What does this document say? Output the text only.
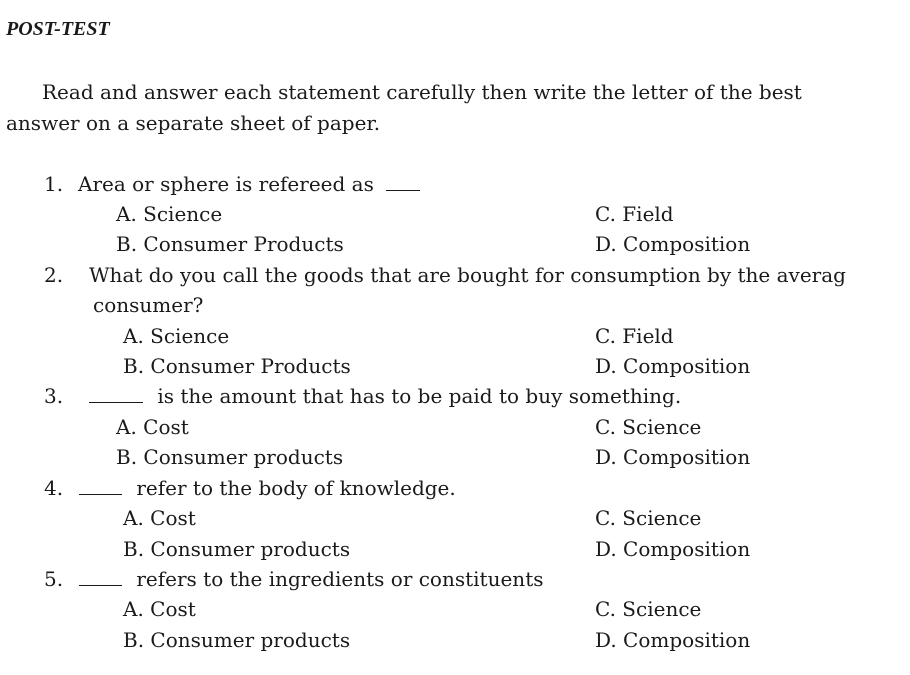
POST-TEST
Read and answer each statement carefully then write the letter of the best
answer on a separate sheet of paper.
1. Area or sphere is refereed as
A. Science
B. Consumer Products
C. Field
D. Composition
2. What do you call the goods that are bought for consumption by the averag
consumer?
A. Science
B. Consumer Products
C. Field
D. Composition
3.	is the amount that has to be paid to buy something.
A. Cost
B. Consumer products
C. Science
D. Composition
4.	refer to the body of knowledge.
A. Cost
B. Consumer products
C. Science
D. Composition
5.	refers to the ingredients or constituents
A. Cost
B. Consumer products
C. Science
D. Composition
